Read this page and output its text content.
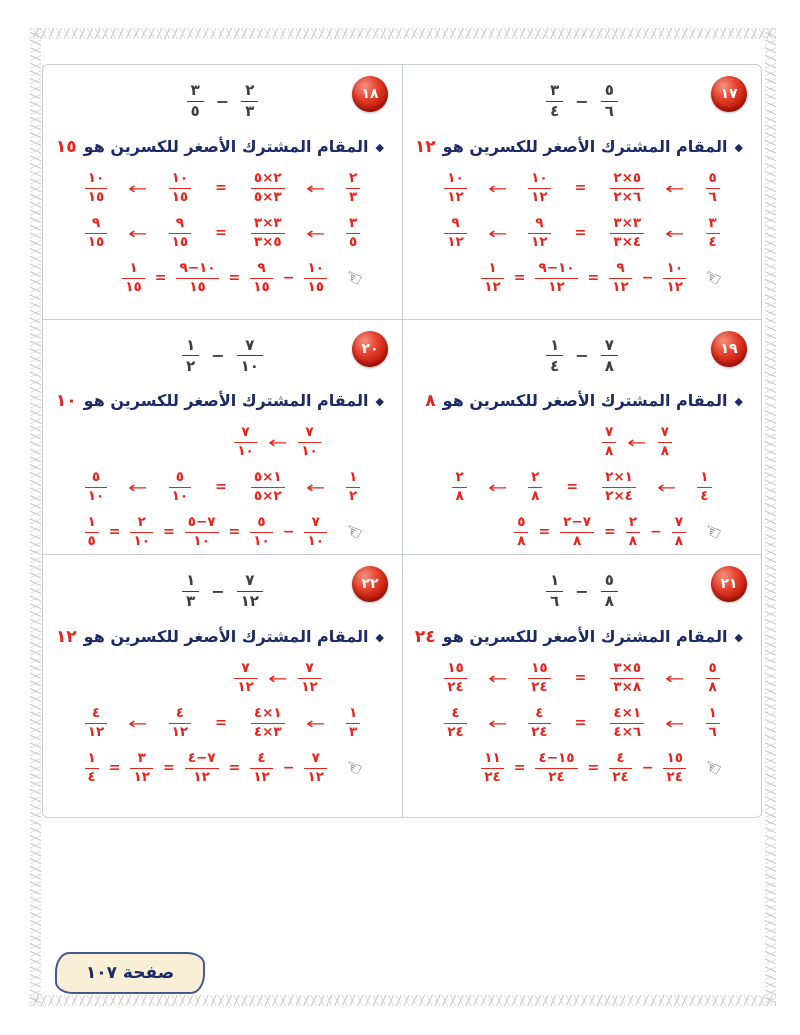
١٧
$\frac{٣}{٤} - \frac{٥}{٦}$
◆
المقام المشترك الأصغر للكسرين هو
١٢
$\frac{١٠}{١٢}$ ← $\frac{١٠}{١٢} = \frac{٥\times ٢}{٦\times ٢}$ ← $\frac{٥}{٦}$
$\frac{٩}{١٢}$ ← $\frac{٩}{١٢} = \frac{٣\times ٣}{٤\times ٣}$ ← $\frac{٣}{٤}$
$\frac{١}{١٢} = \frac{١٠-٩}{١٢} = \frac{٩}{١٢} - \frac{١٠}{١٢}$ ☜
١٨
$\frac{٣}{٥} - \frac{٢}{٣}$
◆
المقام المشترك الأصغر للكسرين هو
١٥
$\frac{١٠}{١٥}$ ← $\frac{١٠}{١٥} = \frac{٢\times ٥}{٣\times ٥}$ ← $\frac{٢}{٣}$
$\frac{٩}{١٥}$ ← $\frac{٩}{١٥} = \frac{٣\times ٣}{٥\times ٣}$ ← $\frac{٣}{٥}$
$\frac{١}{١٥} = \frac{١٠-٩}{١٥} = \frac{٩}{١٥} - \frac{١٠}{١٥}$ ☜
١٩
$\frac{١}{٤} - \frac{٧}{٨}$
◆
المقام المشترك الأصغر للكسرين هو
٨
$\frac{٧}{٨}$ ← $\frac{٧}{٨}$
$\frac{٢}{٨}$ ← $\frac{٢}{٨} = \frac{١\times ٢}{٤\times ٢}$ ← $\frac{١}{٤}$
$\frac{٥}{٨} = \frac{٧-٢}{٨} = \frac{٢}{٨} - \frac{٧}{٨}$ ☜
٢٠
$\frac{١}{٢} - \frac{٧}{١٠}$
◆
المقام المشترك الأصغر للكسرين هو
١٠
$\frac{٧}{١٠}$ ← $\frac{٧}{١٠}$
$\frac{٥}{١٠}$ ← $\frac{٥}{١٠} = \frac{١\times ٥}{٢\times ٥}$ ← $\frac{١}{٢}$
$\frac{١}{٥} = \frac{٢}{١٠} = \frac{٧-٥}{١٠} = \frac{٥}{١٠} - \frac{٧}{١٠}$ ☜
٢١
$\frac{١}{٦} - \frac{٥}{٨}$
◆
المقام المشترك الأصغر للكسرين هو
٢٤
$\frac{١٥}{٢٤}$ ← $\frac{١٥}{٢٤} = \frac{٥\times ٣}{٨\times ٣}$ ← $\frac{٥}{٨}$
$\frac{٤}{٢٤}$ ← $\frac{٤}{٢٤} = \frac{١\times ٤}{٦\times ٤}$ ← $\frac{١}{٦}$
$\frac{١١}{٢٤} = \frac{١٥-٤}{٢٤} = \frac{٤}{٢٤} - \frac{١٥}{٢٤}$ ☜
٢٢
$\frac{١}{٣} - \frac{٧}{١٢}$
◆
المقام المشترك الأصغر للكسرين هو
١٢
$\frac{٧}{١٢}$ ← $\frac{٧}{١٢}$
$\frac{٤}{١٢}$ ← $\frac{٤}{١٢} = \frac{١\times ٤}{٣\times ٤}$ ← $\frac{١}{٣}$
$\frac{١}{٤} = \frac{٣}{١٢} = \frac{٧-٤}{١٢} = \frac{٤}{١٢} - \frac{٧}{١٢}$ ☜
صفحة ١٠٧
